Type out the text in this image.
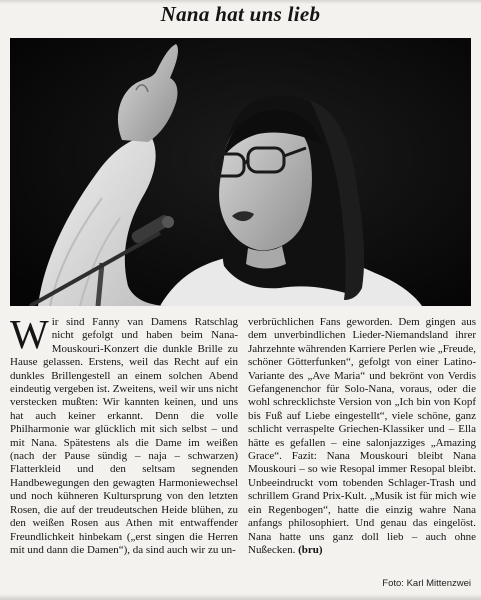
Nana hat uns lieb

Wir sind Fanny van Damens Ratschlag nicht gefolgt und haben beim Nana-Mouskouri-Konzert die dunkle Brille zu Hause gelassen. Erstens, weil das Recht auf ein dunkles Brillengestell an einem solchen Abend eindeutig vergeben ist. Zweitens, weil wir uns nicht verstecken mußten: Wir kannten keinen, und uns hat auch keiner erkannt. Denn die volle Philharmonie war glücklich mit sich selbst – und mit Nana. Spätestens als die Dame im weißen (nach der Pause sündig – naja – schwarzen) Flatterkleid und den seltsam segnenden Handbewegungen den gewagten Harmoniewechsel und noch kühneren Kultursprung von den letzten Rosen, die auf der treudeutschen Heide blühen, zu den weißen Rosen aus Athen mit entwaffender Freundlichkeit hinbekam („erst singen die Herren mit und dann die Damen“), da sind auch wir zu un-

verbrüchlichen Fans geworden. Dem gingen aus dem unverbindlichen Lieder-Niemandsland ihrer Jahrzehnte währenden Karriere Perlen wie „Freude, schöner Götterfunken“, gefolgt von einer Latino-Variante des „Ave Maria“ und bekrönt von Verdis Gefangenenchor für Solo-Nana, voraus, oder die wohl schrecklichste Version von „Ich bin von Kopf bis Fuß auf Liebe eingestellt“, viele schöne, ganz schlicht verraspelte Griechen-Klassiker und – Ella hätte es gefallen – eine salonjazziges „Amazing Grace“. Fazit: Nana Mouskouri bleibt Nana Mouskouri – so wie Resopal immer Resopal bleibt. Unbeeindruckt vom tobenden Schlager-Trash und schrillem Grand Prix-Kult. „Musik ist für mich wie ein Regenbogen“, hatte die einzig wahre Nana anfangs philosophiert. Und genau das eingelöst. Nana hatte uns ganz doll lieb – auch ohne Nußecken. (bru)

Foto: Karl Mittenzwei
